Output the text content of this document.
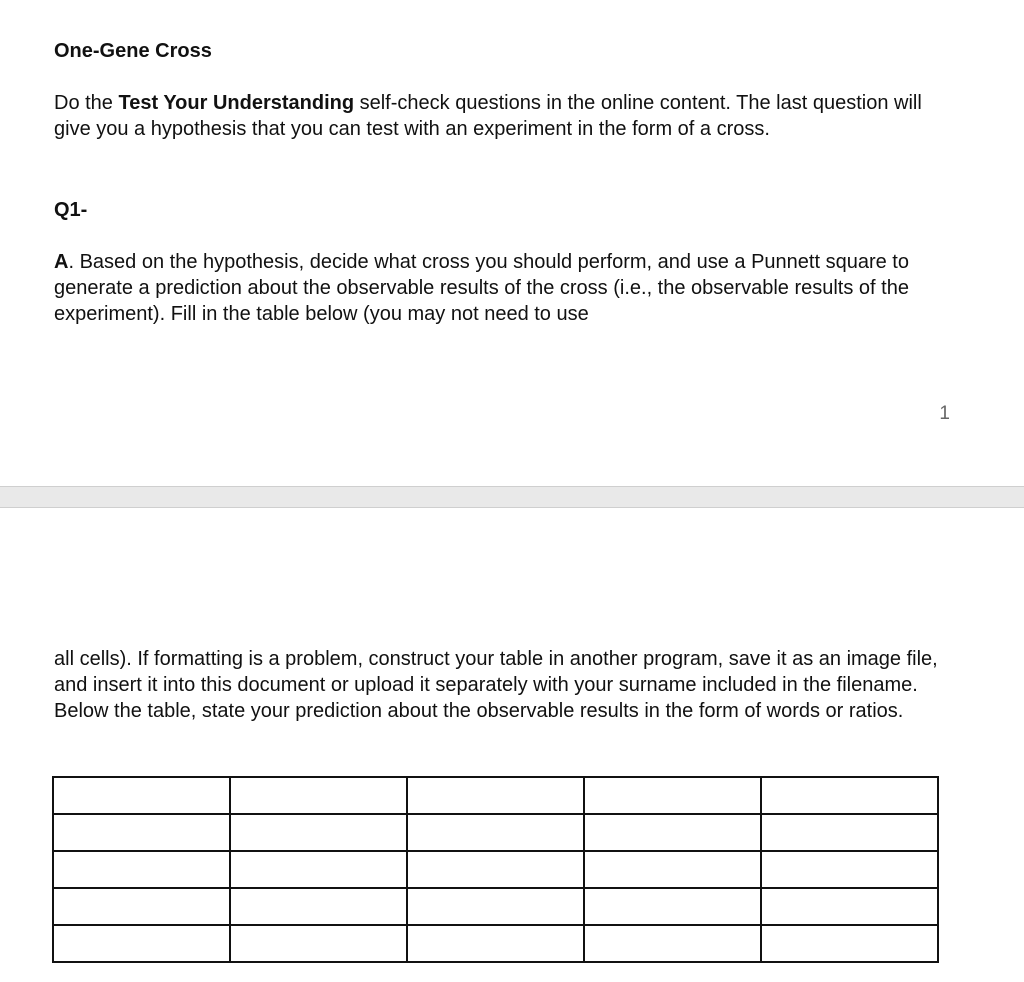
One-Gene Cross

Do the Test Your Understanding self-check questions in the online content. The last question will give you a hypothesis that you can test with an experiment in the form of a cross.

Q1-

A. Based on the hypothesis, decide what cross you should perform, and use a Punnett square to generate a prediction about the observable results of the cross (i.e., the observable results of the experiment). Fill in the table below (you may not need to use

1

all cells). If formatting is a problem, construct your table in another program, save it as an image file, and insert it into this document or upload it separately with your surname included in the filename. Below the table, state your prediction about the observable results in the form of words or ratios.
